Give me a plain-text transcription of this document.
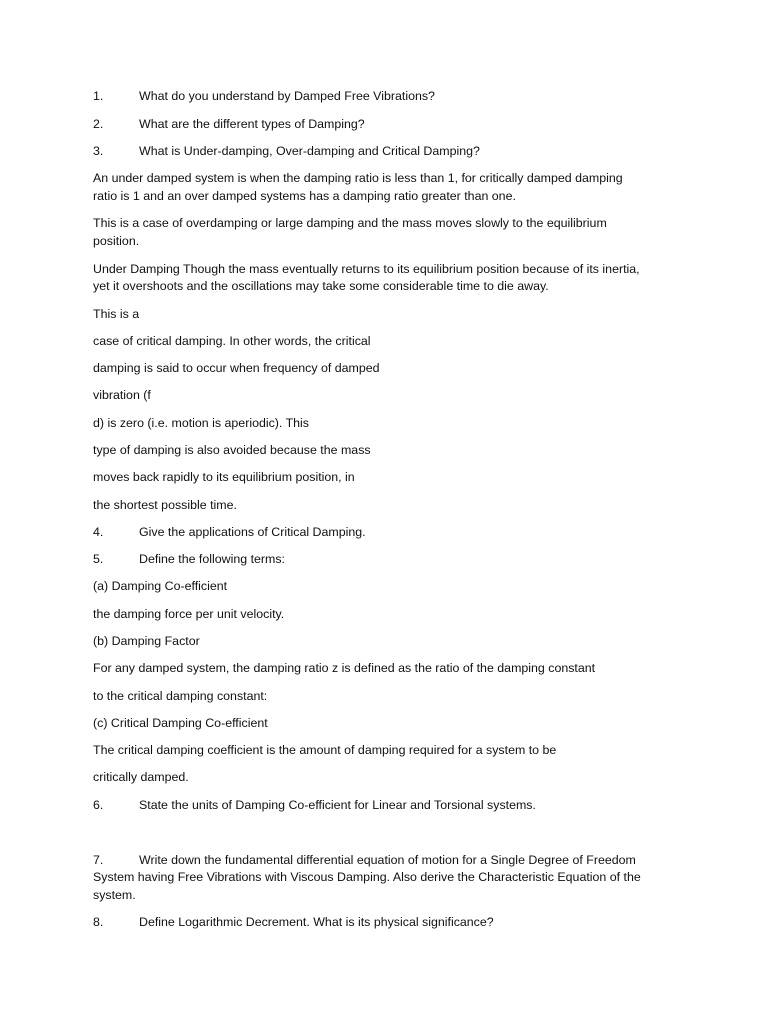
1.	What do you understand by Damped Free Vibrations?
2.	What are the different types of Damping?
3.	What is Under-damping, Over-damping and Critical Damping?
An under damped system is when the damping ratio is less than 1, for critically damped damping
ratio is 1 and an over damped systems has a damping ratio greater than one.
This is a case of overdamping or large damping and the mass moves slowly to the equilibrium
position.
Under Damping Though the mass eventually returns to its equilibrium position because of its inertia,
yet it overshoots and the oscillations may take some considerable time to die away.
This is a
case of critical damping. In other words, the critical
damping is said to occur when frequency of damped
vibration (f
d) is zero (i.e. motion is aperiodic). This
type of damping is also avoided because the mass
moves back rapidly to its equilibrium position, in
the shortest possible time.
4.	Give the applications of Critical Damping.
5.	Define the following terms:
(a) Damping Co-efficient
the damping force per unit velocity.
(b) Damping Factor
For any damped system, the damping ratio z is defined as the ratio of the damping constant
to the critical damping constant:
(c) Critical Damping Co-efficient
The critical damping coefficient is the amount of damping required for a system to be
critically damped.
6.	State the units of Damping Co-efficient for Linear and Torsional systems.
7.	Write down the fundamental differential equation of motion for a Single Degree of Freedom
System having Free Vibrations with Viscous Damping. Also derive the Characteristic Equation of the
system.
8.	Define Logarithmic Decrement. What is its physical significance?
